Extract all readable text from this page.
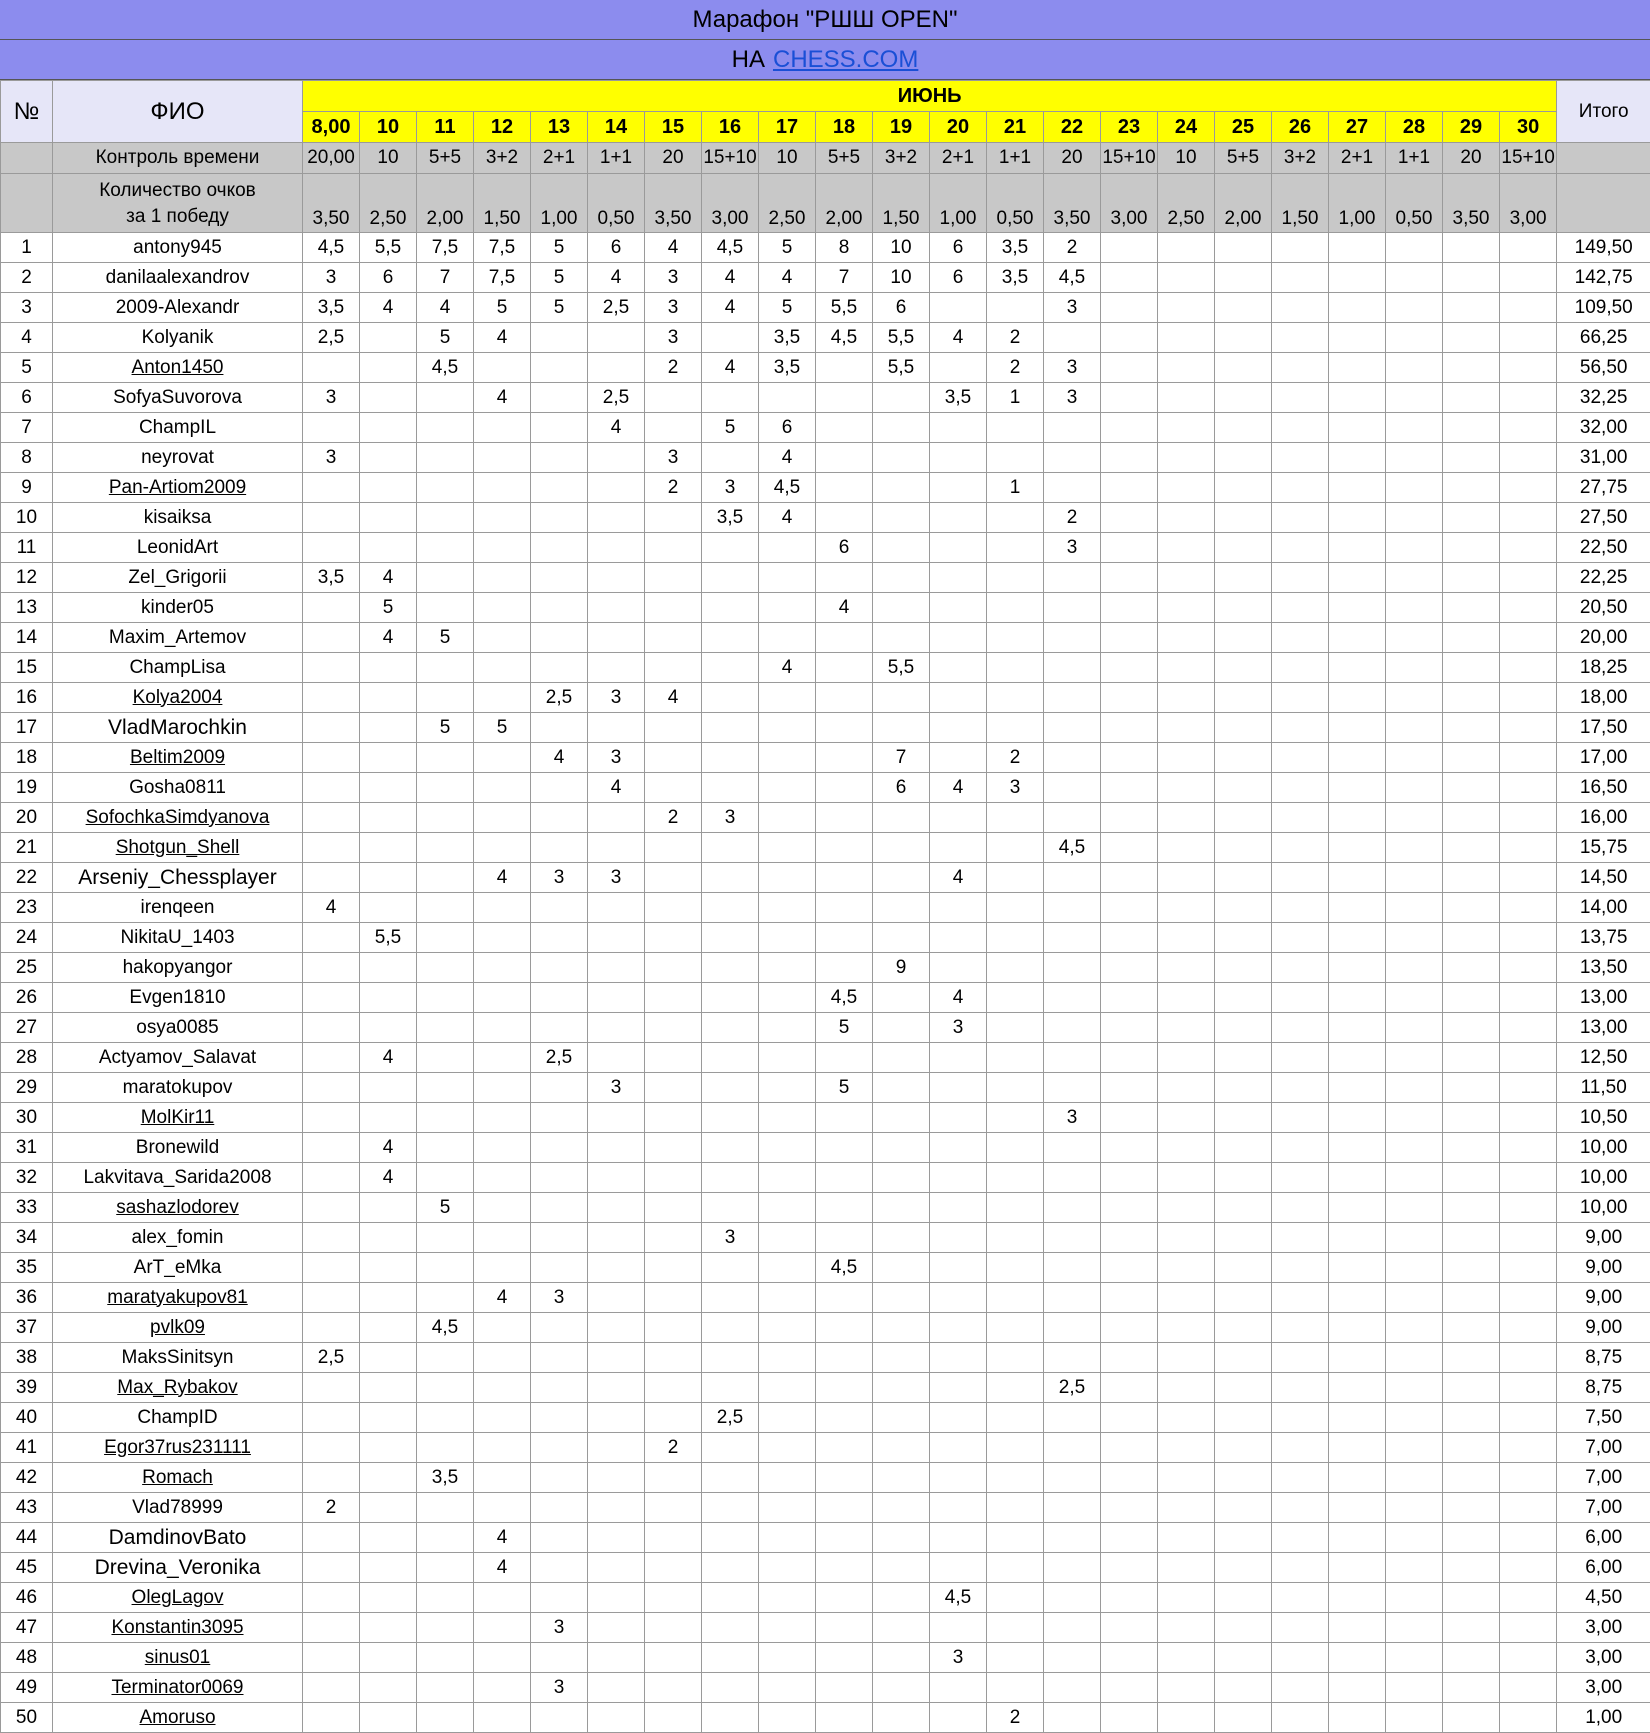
Марафон "РШШ OPEN"
НА CHESS.COM
№	ФИО	ИЮНЬ																						Итого
		8,00	10	11	12	13	14	15	16	17	18	19	20	21	22	23	24	25	26	27	28	29	30	
	Контроль времени	20,00	10	5+5	3+2	2+1	1+1	20	15+10	10	5+5	3+2	2+1	1+1	20	15+10	10	5+5	3+2	2+1	1+1	20	15+10	

	Количество очков
за 1 победу	3,50	2,50	2,00	1,50	1,00	0,50	3,50	3,00	2,50	2,00	1,50	1,00	0,50	3,50	3,00	2,50	2,00	1,50	1,00	0,50	3,50	3,00	
1	antony945	4,5	5,5	7,5	7,5	5	6	4	4,5	5	8	10	6	3,5	2									149,50
2	danilaalexandrov	3	6	7	7,5	5	4	3	4	4	7	10	6	3,5	4,5									142,75
3	2009-Alexandr	3,5	4	4	5	5	2,5	3	4	5	5,5	6			3									109,50
4	Kolyanik	2,5		5	4			3		3,5	4,5	5,5	4	2										66,25
5	Anton1450			4,5				2	4	3,5		5,5		2	3									56,50
6	SofyaSuvorova	3			4		2,5						3,5	1	3									32,25
7	ChampIL						4		5	6														32,00
8	neyrovat	3						3		4														31,00
9	Pan-Artiom2009							2	3	4,5				1										27,75
10	kisaiksa								3,5	4					2									27,50
11	LeonidArt										6				3									22,50
12	Zel_Grigorii	3,5	4																					22,25
13	kinder05		5								4													20,50
14	Maxim_Artemov		4	5																				20,00
15	ChampLisa									4		5,5												18,25
16	Kolya2004					2,5	3	4																18,00
17	VladMarochkin			5	5																			17,50
18	Beltim2009					4	3					7		2										17,00
19	Gosha0811						4					6	4	3										16,50
20	SofochkaSimdyanova							2	3															16,00
21	Shotgun_Shell														4,5									15,75
22	Arseniy_Chessplayer				4	3	3						4											14,50
23	irenqeen	4																						14,00
24	NikitaU_1403		5,5																					13,75
25	hakopyangor											9												13,50
26	Evgen1810										4,5		4											13,00
27	osya0085										5		3											13,00
28	Actyamov_Salavat		4			2,5																		12,50
29	maratokupov						3				5													11,50
30	MolKir11														3									10,50
31	Bronewild		4																					10,00
32	Lakvitava_Sarida2008		4																					10,00
33	sashazlodorev			5																				10,00
34	alex_fomin								3															9,00
35	ArT_eMka										4,5													9,00
36	maratyakupov81				4	3																		9,00
37	pvlk09			4,5																				9,00
38	MaksSinitsyn	2,5																						8,75
39	Max_Rybakov														2,5									8,75
40	ChampID								2,5															7,50
41	Egor37rus231111							2																7,00
42	Romach			3,5																				7,00
43	Vlad78999	2																						7,00
44	DamdinovBato				4																			6,00
45	Drevina_Veronika				4																			6,00
46	OlegLagov												4,5											4,50
47	Konstantin3095					3																		3,00
48	sinus01												3											3,00
49	Terminator0069					3																		3,00
50	Amoruso													2										1,00
